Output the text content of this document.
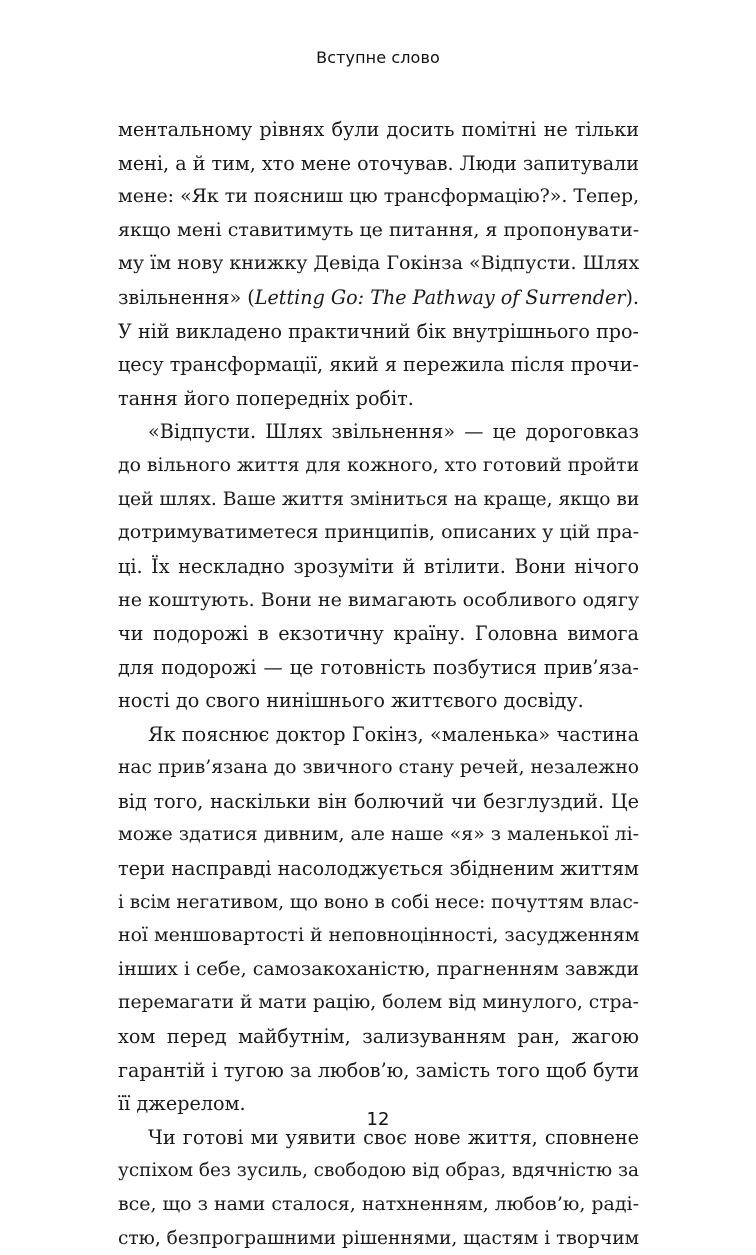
Вступне слово
ментальному рівнях були досить помітні не тільки
мені, а й тим, хто мене оточував. Люди запитували
мене: «Як ти поясниш цю трансформацію?». Тепер,
якщо мені ставитимуть це питання, я пропонувати-
му їм нову книжку Девіда Гокінза «Відпусти. Шлях
звільнення» (Letting Go: The Pathway of Surrender).
У ній викладено практичний бік внутрішнього про-
цесу трансформації, який я пережила після прочи-
тання його попередніх робіт.
«Відпусти. Шлях звільнення» — це дороговказ
до вільного життя для кожного, хто готовий пройти
цей шлях. Ваше життя зміниться на краще, якщо ви
дотримуватиметеся принципів, описаних у цій пра-
ці. Їх нескладно зрозуміти й втілити. Вони нічого
не коштують. Вони не вимагають особливого одягу
чи подорожі в екзотичну країну. Головна вимога
для подорожі — це готовність позбутися прив’яза-
ності до свого нинішнього життєвого досвіду.
Як пояснює доктор Гокінз, «маленька» частина
нас прив’язана до звичного стану речей, незалежно
від того, наскільки він болючий чи безглуздий. Це
може здатися дивним, але наше «я» з маленької лі-
тери насправді насолоджується збідненим життям
і всім негативом, що воно в собі несе: почуттям влас-
ної меншовартості й неповноцінності, засудженням
інших і себе, самозакоханістю, прагненням завжди
перемагати й мати рацію, болем від минулого, стра-
хом перед майбутнім, зализуванням ран, жагою
гарантій і тугою за любов’ю, замість того щоб бути
її джерелом.
Чи готові ми уявити своє нове життя, сповнене
успіхом без зусиль, свободою від образ, вдячністю за
все, що з нами сталося, натхненням, любов’ю, раді-
стю, безпрограшними рішеннями, щастям і творчим
12
